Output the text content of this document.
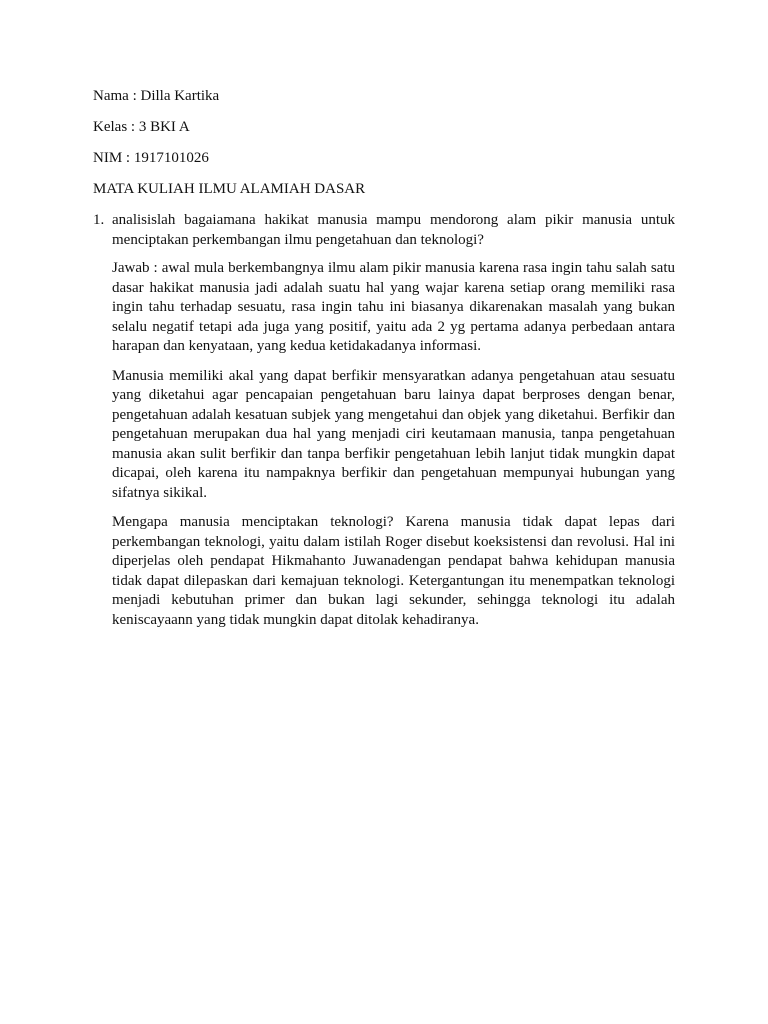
Nama : Dilla Kartika
Kelas : 3 BKI A
NIM : 1917101026
MATA KULIAH ILMU ALAMIAH DASAR
1. analisislah bagaiamana hakikat manusia mampu mendorong alam pikir manusia untuk menciptakan perkembangan ilmu pengetahuan dan teknologi?

Jawab : awal mula berkembangnya ilmu alam pikir manusia karena rasa ingin tahu salah satu dasar hakikat manusia jadi adalah suatu hal yang wajar karena setiap orang memiliki rasa ingin tahu terhadap sesuatu, rasa ingin tahu ini biasanya dikarenakan masalah yang bukan selalu negatif tetapi ada juga yang positif, yaitu ada 2 yg pertama adanya perbedaan antara harapan dan kenyataan, yang kedua ketidakadanya informasi.

Manusia memiliki akal yang dapat berfikir mensyaratkan adanya pengetahuan atau sesuatu yang diketahui agar pencapaian pengetahuan baru lainya dapat berproses dengan benar, pengetahuan adalah kesatuan subjek yang mengetahui dan objek yang diketahui. Berfikir dan pengetahuan merupakan dua hal yang menjadi ciri keutamaan manusia, tanpa pengetahuan manusia akan sulit berfikir dan tanpa berfikir pengetahuan lebih lanjut tidak mungkin dapat dicapai, oleh karena itu nampaknya berfikir dan pengetahuan mempunyai hubungan yang sifatnya sikikal.

Mengapa manusia menciptakan teknologi? Karena manusia tidak dapat lepas dari perkembangan teknologi, yaitu dalam istilah Roger disebut koeksistensi dan revolusi. Hal ini diperjelas oleh pendapat Hikmahanto Juwanadengan pendapat bahwa kehidupan manusia tidak dapat dilepaskan dari kemajuan teknologi. Ketergantungan itu menempatkan teknologi menjadi kebutuhan primer dan bukan lagi sekunder, sehingga teknologi itu adalah keniscayaann yang tidak mungkin dapat ditolak kehadiranya.
